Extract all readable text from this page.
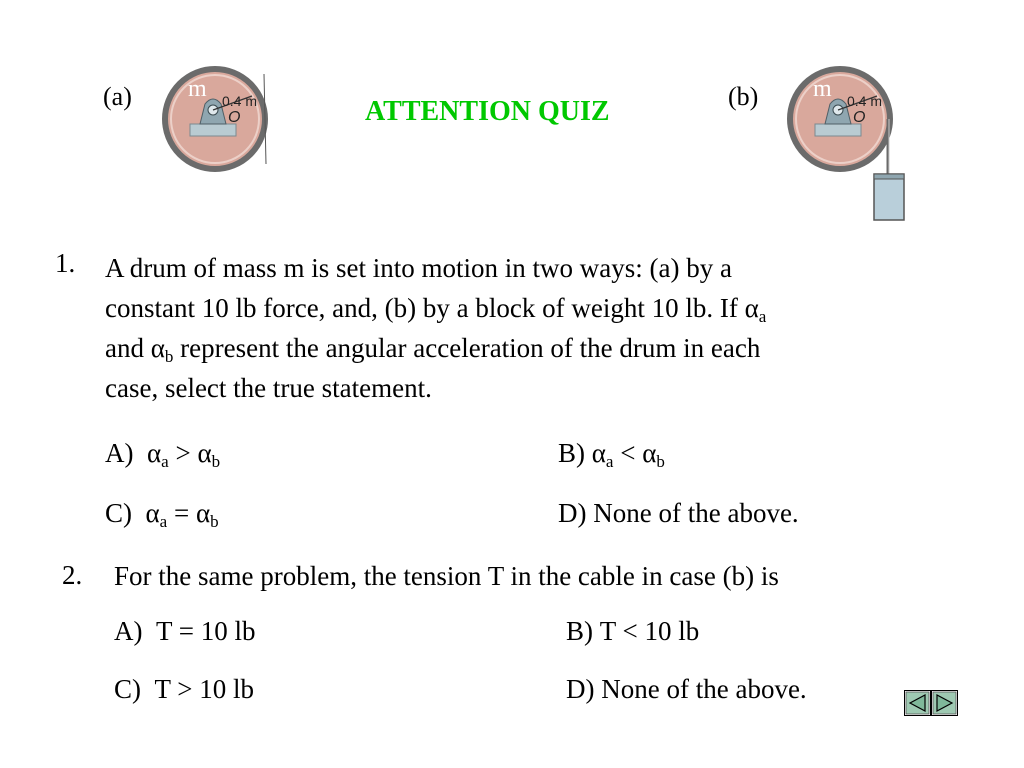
(a) m 0.4 m
O	ATTENTION QUIZ	(b) m 0.4 m
O
1. A drum of mass m is set into motion in two ways: (a) by a
constant 10 lb force, and, (b) by a block of weight 10 lb. If $\alpha_a$
and $\alpha_b$ represent the angular acceleration of the drum in each
case, select the true statement.
A) $\alpha_a > \alpha_b$	B) $\alpha_a < \alpha_b$
C) $\alpha_a = \alpha_b$	D) None of the above.
2. For the same problem, the tension T in the cable in case (b) is
A) T = 10 lb	B) T < 10 lb
C) T > 10 lb	D) None of the above.
